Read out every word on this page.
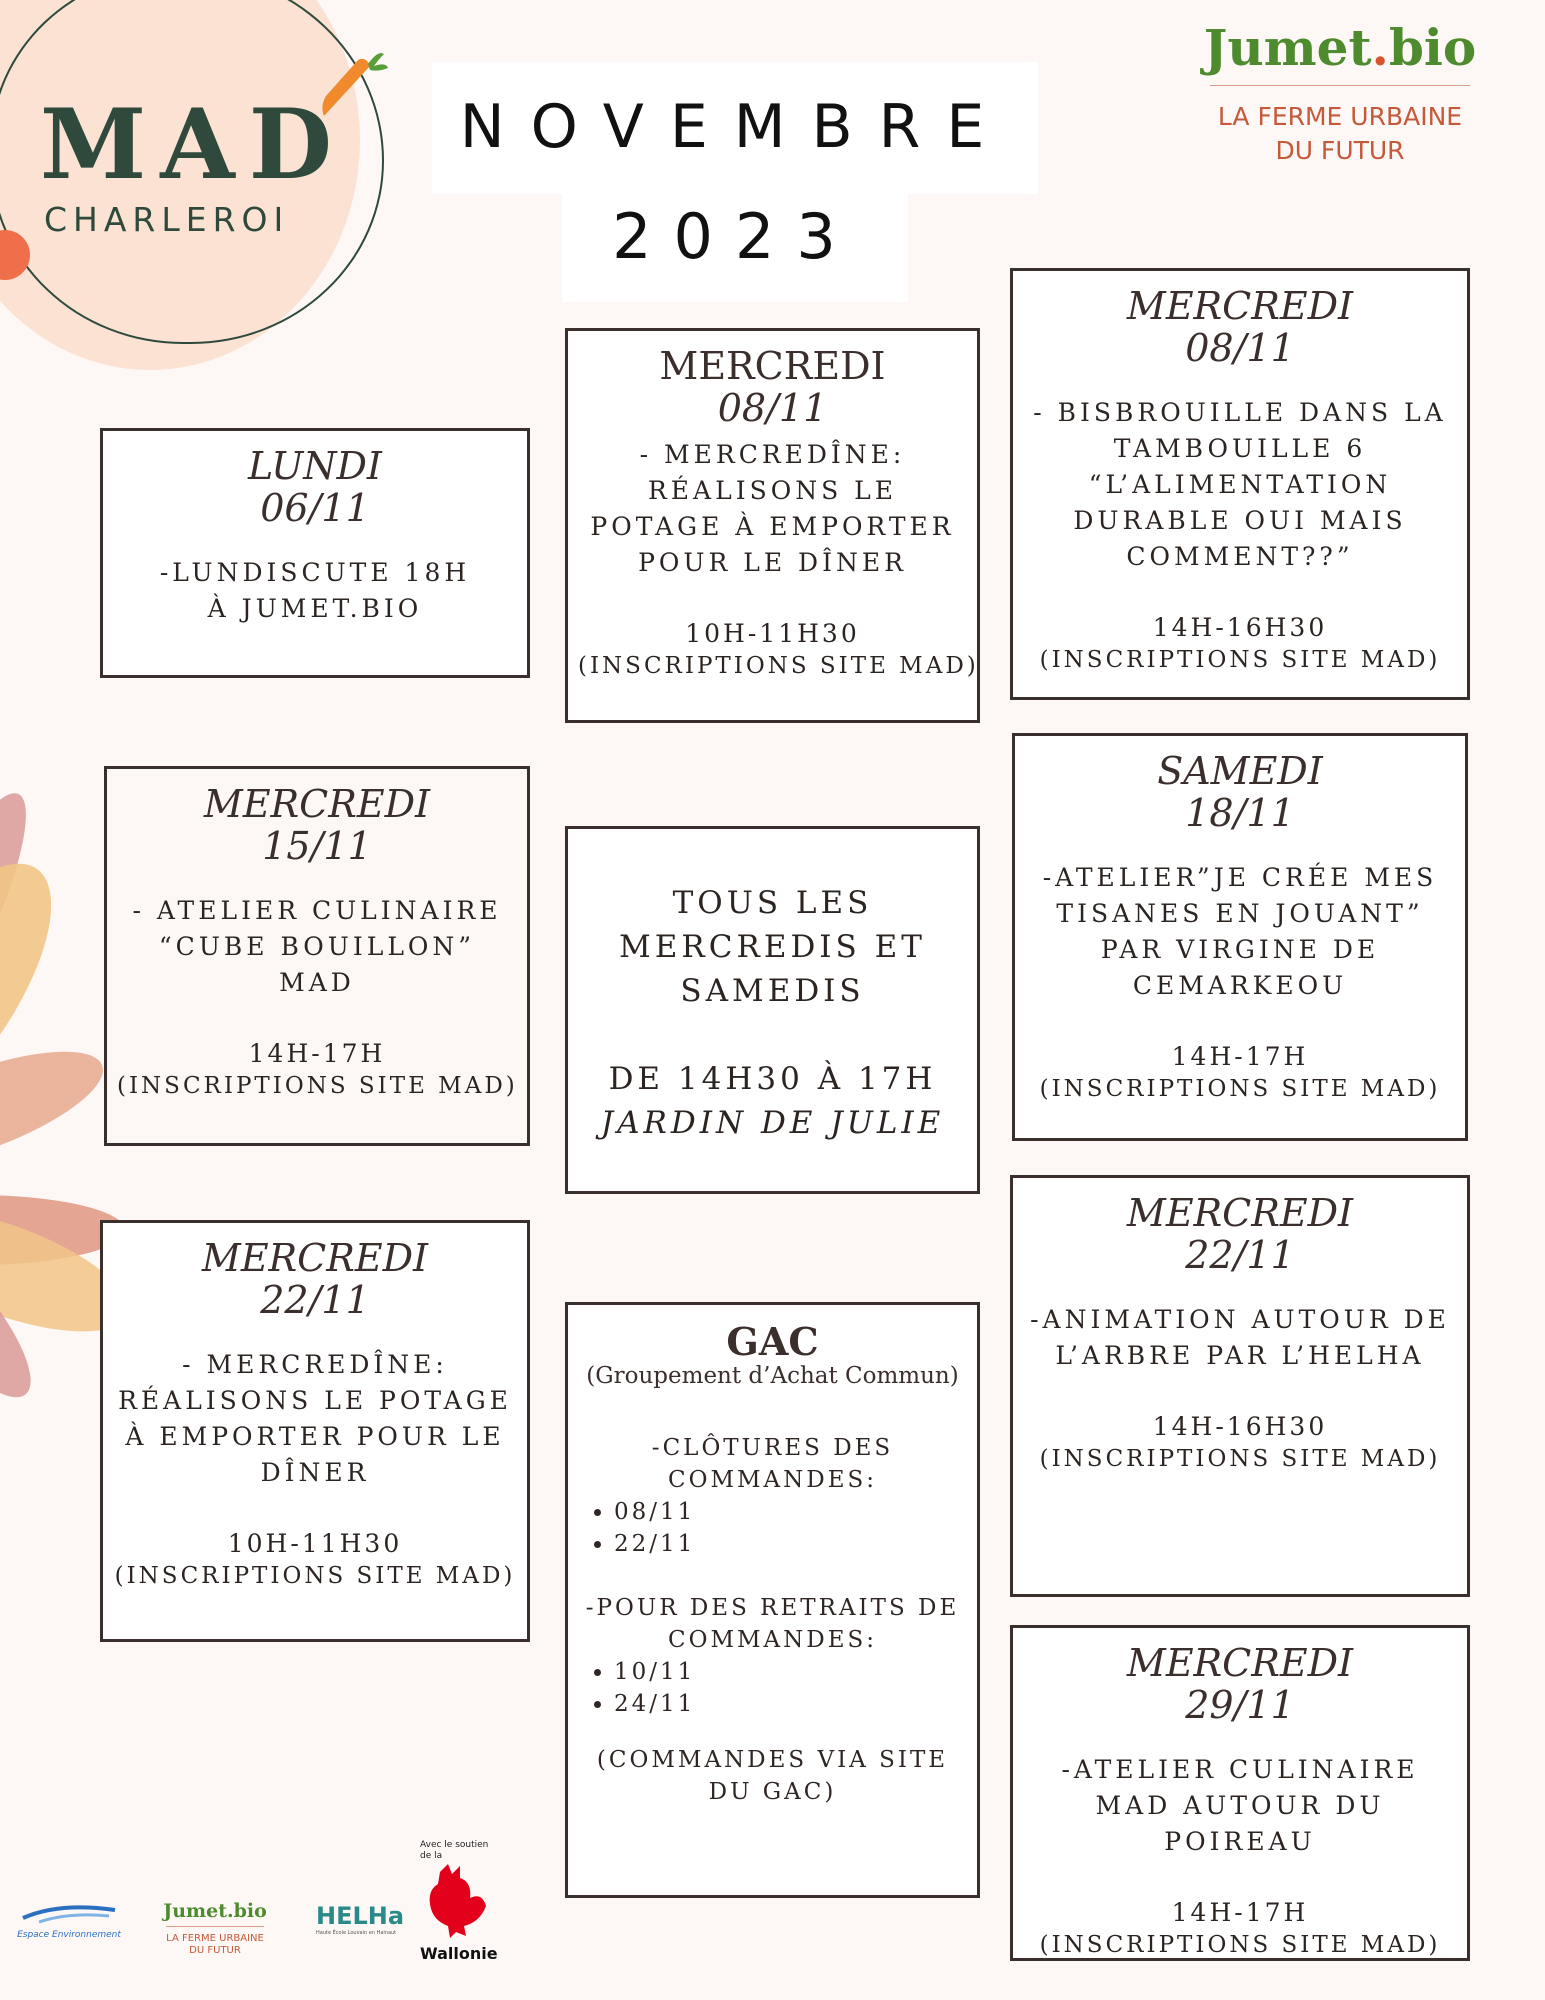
MAD
CHARLEROI
NOVEMBRE
2023
Jumet.bio
LA FERME URBAINE
DU FUTUR
LUNDI
06/11
-LUNDISCUTE 18H
À JUMET.BIO
MERCREDI
08/11
- MERCREDÎNE: RÉALISONS LE POTAGE À EMPORTER POUR LE DÎNER
10H-11H30
(INSCRIPTIONS SITE MAD)
MERCREDI
08/11
- BISBROUILLE DANS LA TAMBOUILLE 6 “L’ALIMENTATION DURABLE OUI MAIS COMMENT??”
14H-16H30
(INSCRIPTIONS SITE MAD)
MERCREDI
15/11
- ATELIER CULINAIRE “CUBE BOUILLON” MAD
14H-17H
(INSCRIPTIONS SITE MAD)
TOUS LES MERCREDIS ET SAMEDIS
DE 14H30 À 17H
JARDIN DE JULIE
SAMEDI
18/11
-ATELIER”JE CRÉE MES TISANES EN JOUANT” PAR VIRGINE DE CEMARKEOU
14H-17H
(INSCRIPTIONS SITE MAD)
MERCREDI
22/11
- MERCREDÎNE: RÉALISONS LE POTAGE À EMPORTER POUR LE DÎNER
10H-11H30
(INSCRIPTIONS SITE MAD)
GAC
(Groupement d’Achat Commun)
-CLÔTURES DES COMMANDES:
• 08/11
• 22/11
-POUR DES RETRAITS DE COMMANDES:
• 10/11
• 24/11
(COMMANDES VIA SITE DU GAC)
MERCREDI
22/11
-ANIMATION AUTOUR DE L’ARBRE PAR L’HELHA
14H-16H30
(INSCRIPTIONS SITE MAD)
MERCREDI
29/11
-ATELIER CULINAIRE MAD AUTOUR DU POIREAU
14H-17H
(INSCRIPTIONS SITE MAD)
Espace Environnement
Jumet.bio
LA FERME URBAINE
DU FUTUR
HELHa
Haute École Louvain en Hainaut
Avec le soutien de la
Wallonie
